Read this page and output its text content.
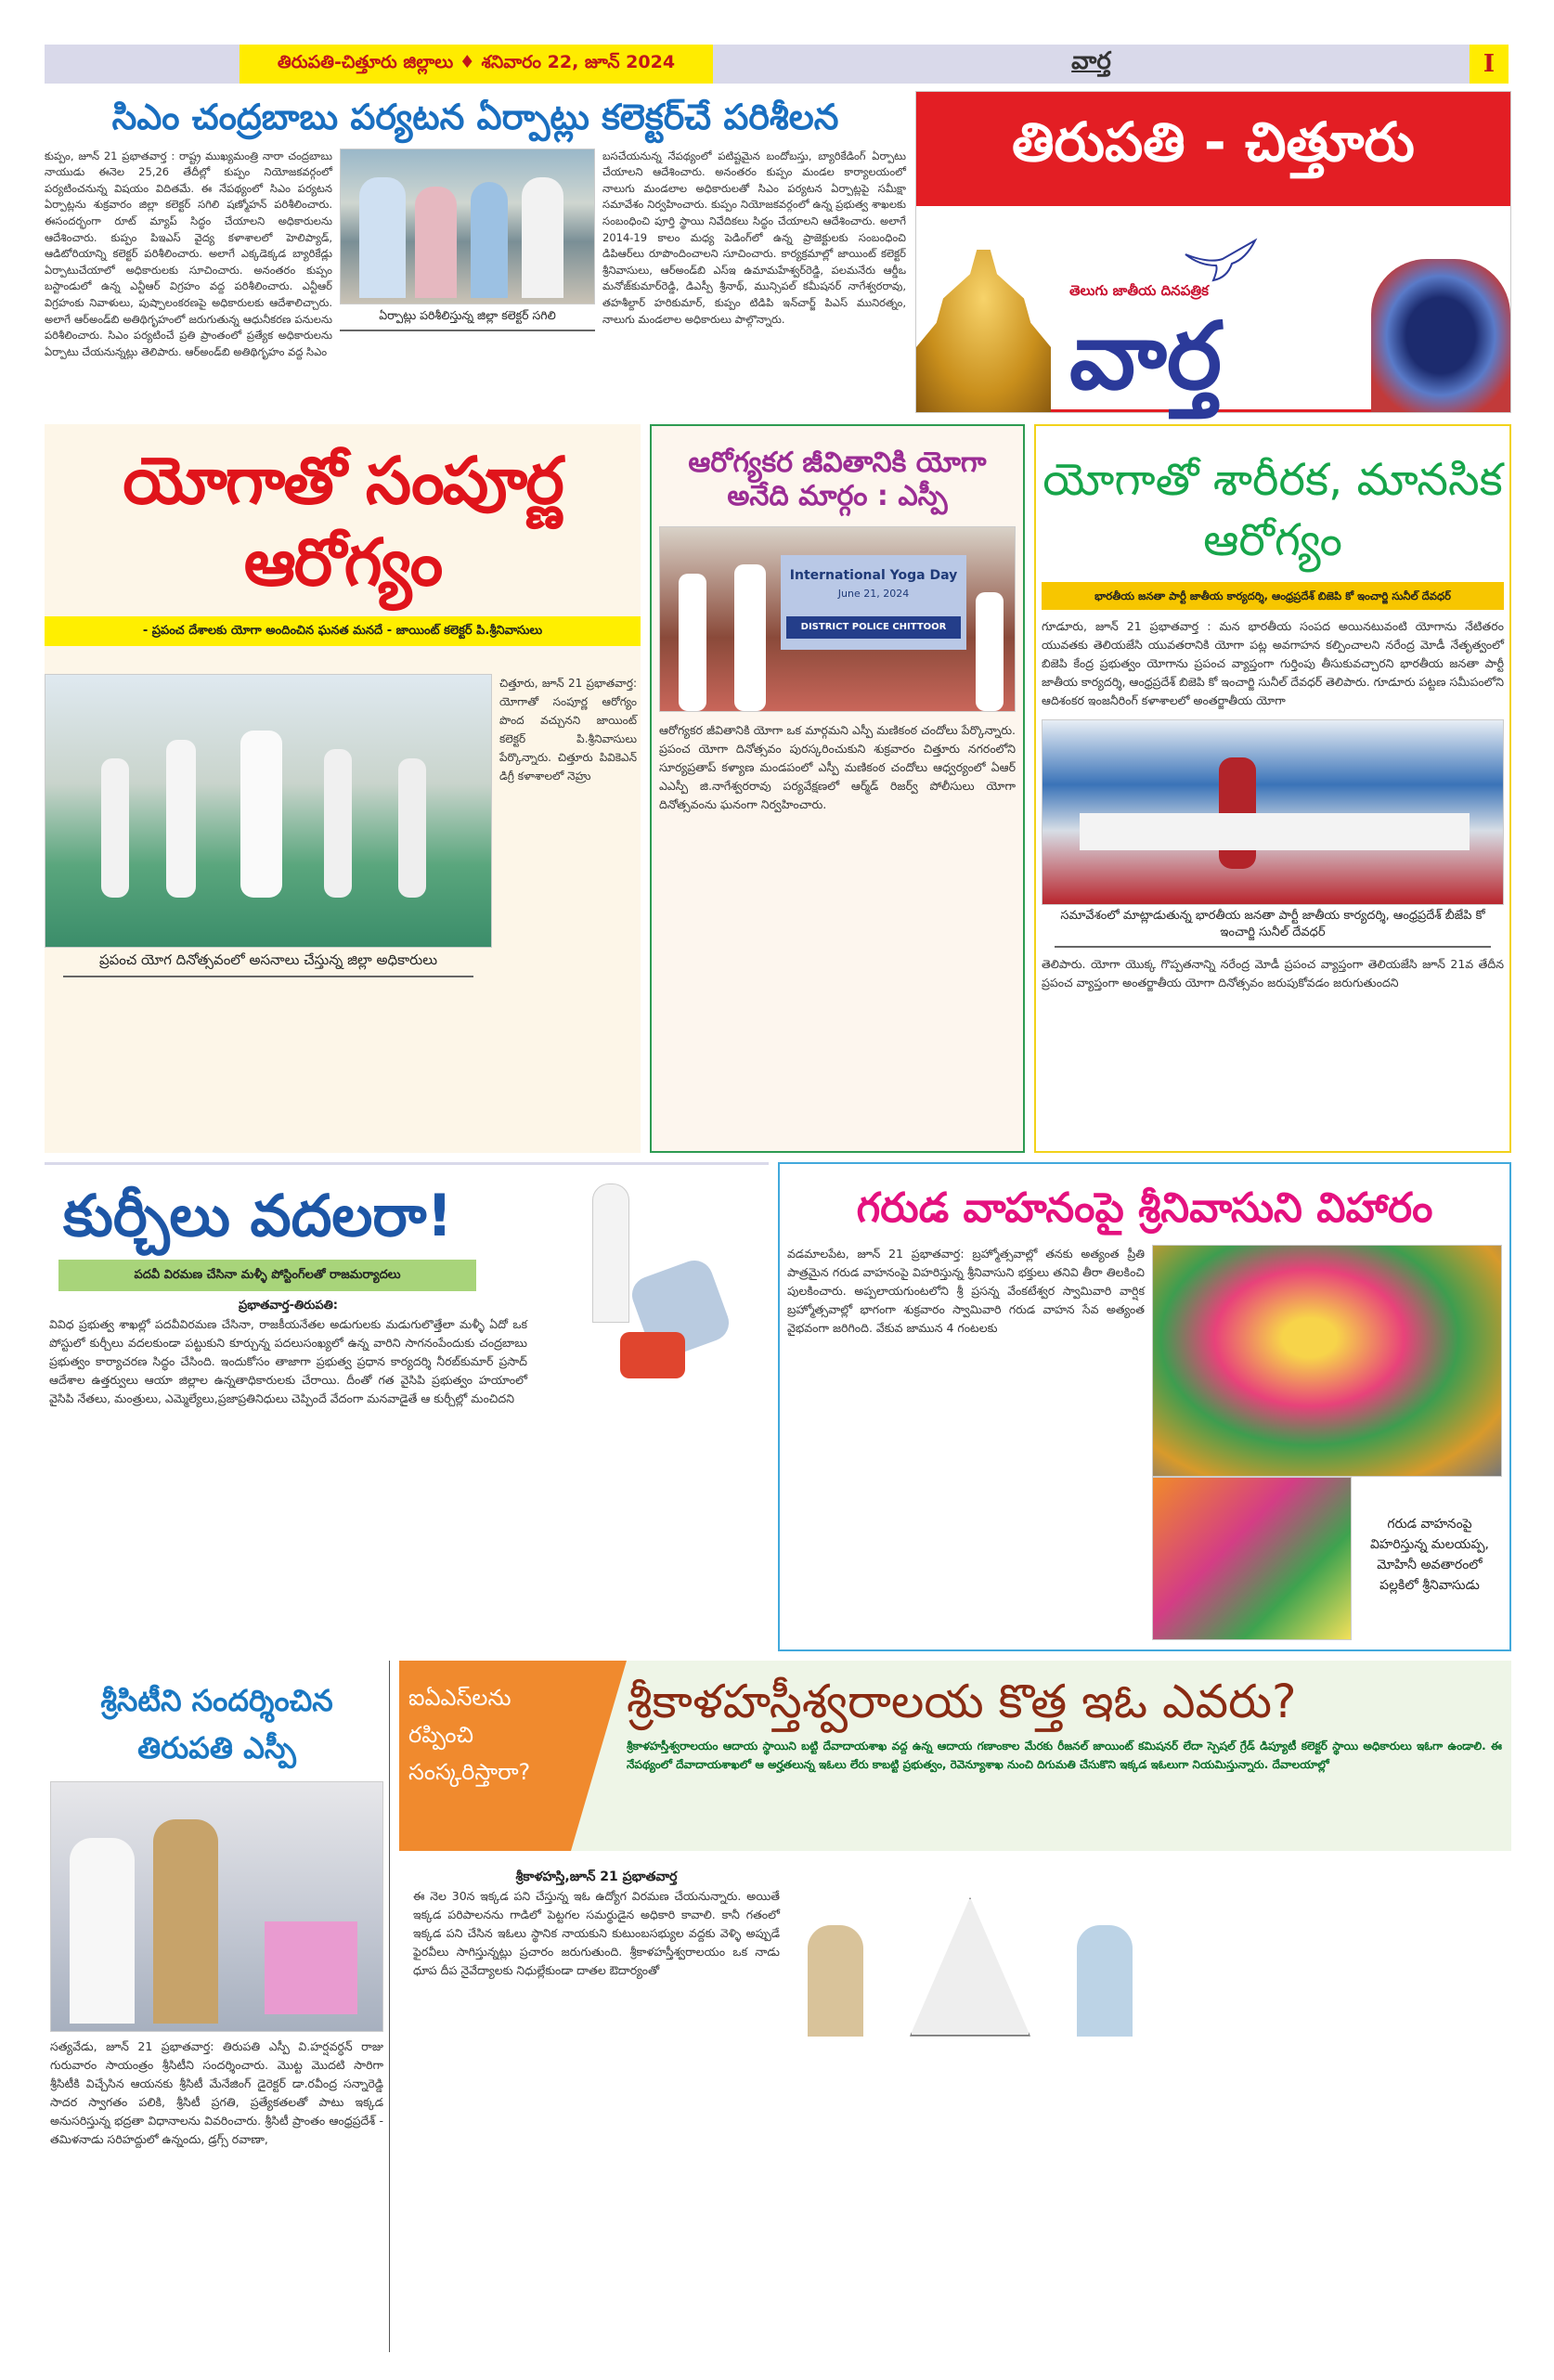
తిరుపతి-చిత్తూరు జిల్లాలు ♦ శనివారం 22, జూన్ 2024	వార్త	I
సిఎం చంద్రబాబు పర్యటన ఏర్పాట్లు కలెక్టర్‌చే పరిశీలన
కుప్పం, జూన్ 21 ప్రభాతవార్త : రాష్ట్ర ముఖ్యమంత్రి నారా చంద్రబాబు నాయుడు ఈనెల 25,26 తేదీల్లో కుప్పం నియోజకవర్గంలో పర్యటించనున్న విషయం విదితమే. ఈ నేపథ్యంలో సిఎం పర్యటన ఏర్పాట్లను శుక్రవారం జిల్లా కలెక్టర్ సగిలి షణ్మోహన్ పరిశీలించారు. ఈసందర్భంగా రూట్ మ్యాప్ సిద్ధం చేయాలని అధికారులను ఆదేశించారు. కుప్పం పిఇఎస్ వైద్య కళాశాలలో హెలిప్యాడ్, ఆడిటోరియాన్ని కలెక్టర్ పరిశీలించారు. అలాగే ఎక్కడెక్కడ బ్యారికేడ్లు ఏర్పాటుచేయాలో అధికారులకు సూచించారు. అనంతరం కుప్పం బస్టాండులో ఉన్న ఎన్టీఆర్ విగ్రహం వద్ద పరిశీలించారు. ఎన్టీఆర్ విగ్రహంకు నివాళులు, పుష్పాలంకరణపై అధికారులకు ఆదేశాలిచ్చారు. అలాగే ఆర్అండ్‌బి అతిథిగృహంలో జరుగుతున్న ఆధునీకరణ పనులను పరిశీలించారు. సిఎం పర్యటించే ప్రతి ప్రాంతంలో ప్రత్యేక అధికారులను ఏర్పాటు చేయనున్నట్లు తెలిపారు. ఆర్అండ్‌బి అతిథిగృహం వద్ద సిఎం
ఏర్పాట్లు పరిశీలిస్తున్న జిల్లా కలెక్టర్ సగిలి
బసచేయనున్న నేపథ్యంలో పటిష్టమైన బందోబస్తు, బ్యారికేడింగ్ ఏర్పాటు చేయాలని ఆదేశించారు. అనంతరం కుప్పం మండల కార్యాలయంలో నాలుగు మండలాల అధికారులతో సిఎం పర్యటన ఏర్పాట్లపై సమీక్షా సమావేశం నిర్వహించారు. కుప్పం నియోజకవర్గంలో ఉన్న ప్రభుత్వ శాఖలకు సంబంధించి పూర్తి స్థాయి నివేదికలు సిద్ధం చేయాలని ఆదేశించారు. అలాగే 2014-19 కాలం మధ్య పెడింగ్‌లో ఉన్న ప్రాజెక్టులకు సంబంధించి డిపిఆర్‌లు రూపొందించాలని సూచించారు. కార్యక్రమాల్లో జాయింట్ కలెక్టర్ శ్రీనివాసులు, ఆర్అండ్‌బి ఎస్ఇ ఉమామహేశ్వర్‌రెడ్డి, పలమనేరు ఆర్డీఒ మనోజ్‌కుమార్‌రెడ్డి, డిఎస్పీ శ్రీనాథ్, మున్సిపల్ కమీషనర్ నాగేశ్వరరావు, తహశీల్దార్ హరికుమార్, కుప్పం టిడిపి ఇన్‌చార్జ్ పిఎస్ మునిరత్నం, నాలుగు మండలాల అధికారులు పాల్గొన్నారు.
తిరుపతి - చిత్తూరు
తెలుగు జాతీయ దినపత్రిక
వార్త
యోగాతో సంపూర్ణ ఆరోగ్యం
- ప్రపంచ దేశాలకు యోగా అందించిన ఘనత మనదే - జాయింట్ కలెక్టర్ పి.శ్రీనివాసులు
ప్రపంచ యోగ దినోత్సవంలో అసనాలు చేస్తున్న జిల్లా అధికారులు
చిత్తూరు, జూన్ 21 ప్రభాతవార్త: యోగాతో సంపూర్ణ ఆరోగ్యం పొంద వచ్చునని జాయింట్ కలెక్టర్ పి.శ్రీనివాసులు పేర్కొన్నారు. చిత్తూరు పివికెఎన్ డిగ్రీ కళాశాలలో నెహ్రు
ఆరోగ్యకర జీవితానికి యోగా అనేది మార్గం : ఎస్పీ
International Yoga Day
June 21, 2024
DISTRICT POLICE CHITTOOR
ఆరోగ్యకర జీవితానికి యోగా ఒక మార్గమని ఎస్పీ మణికంఠ చందోలు పేర్కొన్నారు. ప్రపంచ యోగా దినోత్సవం పురస్కరించుకుని శుక్రవారం చిత్తూరు నగరంలోని సూర్యప్రతాప్ కళ్యాణ మండపంలో ఎస్పీ మణికంఠ చందోలు ఆధ్వర్యంలో ఏఆర్ ఎఎస్పీ జి.నాగేశ్వరరావు పర్యవేక్షణలో ఆర్మ్‌డ్ రిజర్వ్ పోలీసులు యోగా దినోత్సవంను ఘనంగా నిర్వహించారు.
యోగాతో శారీరక, మానసిక ఆరోగ్యం
భారతీయ జనతా పార్టీ జాతీయ కార్యదర్శి, ఆంధ్రప్రదేశ్ బిజెపి కో ఇంచార్జి సునీల్ దేవధర్
గూడూరు, జూన్ 21 ప్రభాతవార్త : మన భారతీయ సంపద అయినటువంటి యోగాను నేటితరం యువతకు తెలియజేసి యువతరానికి యోగా పట్ల అవగాహన కల్పించాలని నరేంద్ర మోడీ నేతృత్వంలో బిజెపి కేంద్ర ప్రభుత్వం యోగాను ప్రపంచ వ్యాప్తంగా గుర్తింపు తీసుకువచ్చారని భారతీయ జనతా పార్టీ జాతీయ కార్యదర్శి, ఆంధ్రప్రదేశ్ బిజెపి కో ఇంచార్జి సునీల్ దేవధర్ తెలిపారు. గూడూరు పట్టణ సమీపంలోని ఆదిశంకర ఇంజనీరింగ్ కళాశాలలో అంతర్జాతీయ యోగా
సమావేశంలో మాట్లాడుతున్న భారతీయ జనతా పార్టీ జాతీయ కార్యదర్శి, ఆంధ్రప్రదేశ్ బీజేపి కో ఇంచార్జి సునీల్ దేవధర్
తెలిపారు. యోగా యొక్క గొప్పతనాన్ని నరేంద్ర మోడీ ప్రపంచ వ్యాప్తంగా తెలియజేసి జూన్ 21వ తేదీన ప్రపంచ వ్యాప్తంగా అంతర్జాతీయ యోగా దినోత్సవం జరుపుకోవడం జరుగుతుందని
కుర్చీలు వదలరా!
పదవీ విరమణ చేసినా మళ్ళీ పోస్టింగ్‌లతో రాజమర్యాదలు
ప్రభాతవార్త-తిరుపతి:
వివిధ ప్రభుత్వ శాఖల్లో పదవీవిరమణ చేసినా, రాజకీయనేతల అడుగులకు మడుగులొత్తేలా మళ్ళీ ఏదో ఒక పోస్టులో కుర్చీలు వదలకుండా పట్టుకుని కూర్చున్న పదలుసంఖ్యలో ఉన్న వారిని సాగనంపేందుకు చంద్రబాబు ప్రభుత్వం కార్యాచరణ సిద్ధం చేసింది. ఇందుకోసం తాజాగా ప్రభుత్వ ప్రధాన కార్యదర్శి నీరబ్‌కుమార్ ప్రసాద్ ఆదేశాల ఉత్తర్వులు ఆయా జిల్లాల ఉన్నతాధికారులకు చేరాయి. దీంతో గత వైసిపి ప్రభుత్వం హయాంలో వైసిపి నేతలు, మంత్రులు, ఎమ్మెల్యేలు,ప్రజాప్రతినిధులు చెప్పిందే వేదంగా మనవాడైతే ఆ కుర్చీల్లో మంచిదని
గరుడ వాహనంపై శ్రీనివాసుని విహారం
వడమాలపేట, జూన్ 21 ప్రభాతవార్త: బ్రహ్మోత్సవాల్లో తనకు అత్యంత ప్రీతి పాత్రమైన గరుడ వాహనంపై విహరిస్తున్న శ్రీనివాసుని భక్తులు తనివి తీరా తిలకించి పులకించారు. అప్పలాయగుంటలోని శ్రీ ప్రసన్న వేంకటేశ్వర స్వామివారి వార్షిక బ్రహ్మోత్సవాల్లో భాగంగా శుక్రవారం స్వామివారి గరుడ వాహన సేవ అత్యంత వైభవంగా జరిగింది. వేకువ జామున 4 గంటలకు
గరుడ వాహనంపై విహరిస్తున్న మలయప్ప, మోహినీ అవతారంలో పల్లకిలో శ్రీనివాసుడు
శ్రీసిటీని సందర్శించిన తిరుపతి ఎస్పీ
సత్యవేడు, జూన్ 21 ప్రభాతవార్త: తిరుపతి ఎస్పీ వి.హర్షవర్ధన్ రాజు గురువారం సాయంత్రం శ్రీసిటీని సందర్శించారు. మొట్ట మొదటి సారిగా శ్రీసిటీకి విచ్చేసిన ఆయనకు శ్రీసిటీ మేనేజింగ్ డైరెక్టర్ డా.రవీంద్ర సన్నారెడ్డి సాదర స్వాగతం పలికి, శ్రీసిటీ ప్రగతి, ప్రత్యేకతలతో పాటు ఇక్కడ అనుసరిస్తున్న భద్రతా విధానాలను వివరించారు. శ్రీసిటీ ప్రాంతం ఆంధ్రప్రదేశ్ - తమిళనాడు సరిహద్దులో ఉన్నందు, డ్రగ్స్ రవాణా,
ఐఏఎస్‌లను రప్పించి సంస్కరిస్తారా?
శ్రీకాళహస్తీశ్వరాలయ కొత్త ఇఓ ఎవరు?
శ్రీకాళహస్తీశ్వరాలయం ఆదాయ స్థాయిని బట్టి దేవాదాయశాఖ వద్ద ఉన్న ఆదాయ గణాంకాల మేరకు రీజనల్ జాయింట్ కమిషనర్ లేదా స్పెషల్ గ్రేడ్ డిప్యూటీ కలెక్టర్ స్థాయి అధికారులు ఇఓగా ఉండాలి. ఈ నేపథ్యంలో దేవాదాయశాఖలో ఆ అర్హతలున్న ఇఓలు లేరు కాబట్టి ప్రభుత్వం, రెవెన్యూశాఖ నుంచి దిగుమతి చేసుకొని ఇక్కడ ఇఓలుగా నియమిస్తున్నారు. దేవాలయాల్లో
శ్రీకాళహస్తి,జూన్ 21 ప్రభాతవార్త
ఈ నెల 30న ఇక్కడ పని చేస్తున్న ఇఓ ఉద్యోగ విరమణ చేయనున్నారు. అయితే ఇక్కడ పరిపాలనను గాడిలో పెట్టగల సమర్థుడైన అధికారి కావాలి. కానీ గతంలో ఇక్కడ పని చేసిన ఇఓలు స్థానిక నాయకుని కుటుంబసభ్యుల వద్దకు వెళ్ళి అప్పుడే ఫైరవీలు సాగిస్తున్నట్లు ప్రచారం జరుగుతుంది. శ్రీకాళహస్తీశ్వరాలయం ఒక నాడు ధూప దీప నైవేద్యాలకు నిధుల్లేకుండా దాతల ఔదార్యంతో
